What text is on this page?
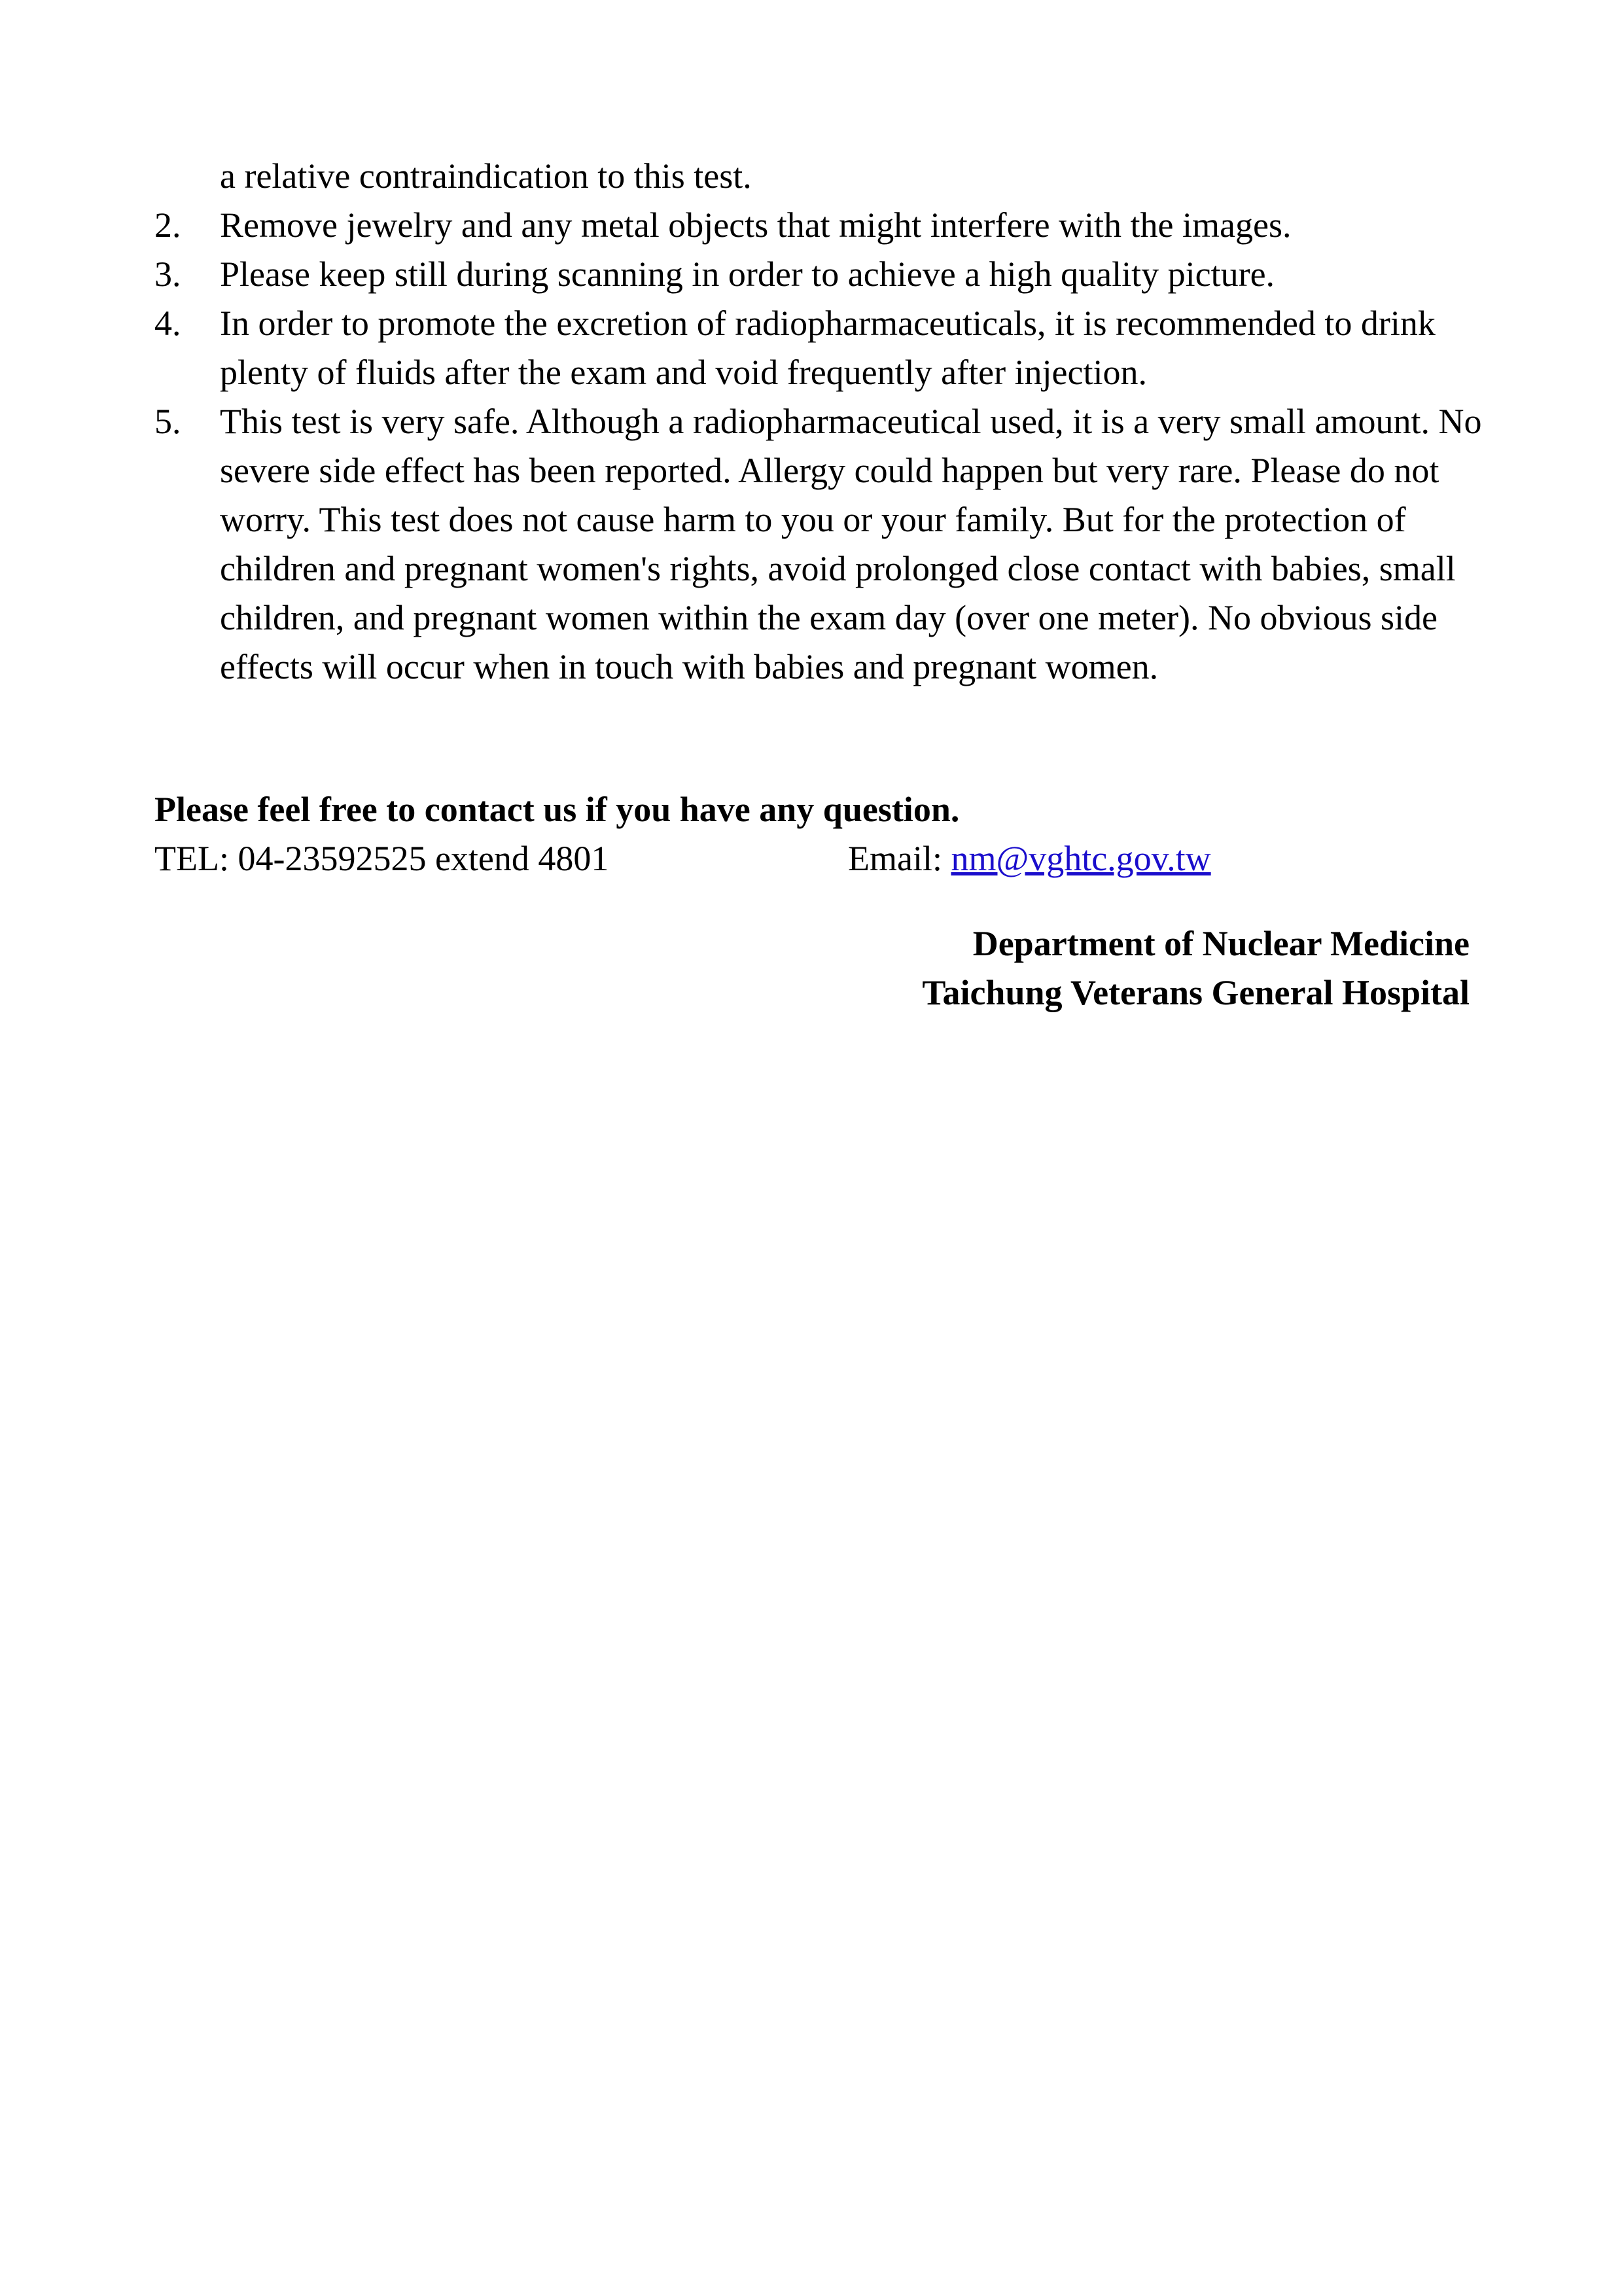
a relative contraindication to this test.
2. Remove jewelry and any metal objects that might interfere with the images.
3. Please keep still during scanning in order to achieve a high quality picture.
4. In order to promote the excretion of radiopharmaceuticals, it is recommended to drink plenty of fluids after the exam and void frequently after injection.
5. This test is very safe. Although a radiopharmaceutical used, it is a very small amount. No severe side effect has been reported. Allergy could happen but very rare. Please do not worry. This test does not cause harm to you or your family. But for the protection of children and pregnant women's rights, avoid prolonged close contact with babies, small children, and pregnant women within the exam day (over one meter). No obvious side effects will occur when in touch with babies and pregnant women.
Please feel free to contact us if you have any question.
TEL: 04-23592525 extend 4801	Email: nm@vghtc.gov.tw
Department of Nuclear Medicine
Taichung Veterans General Hospital
